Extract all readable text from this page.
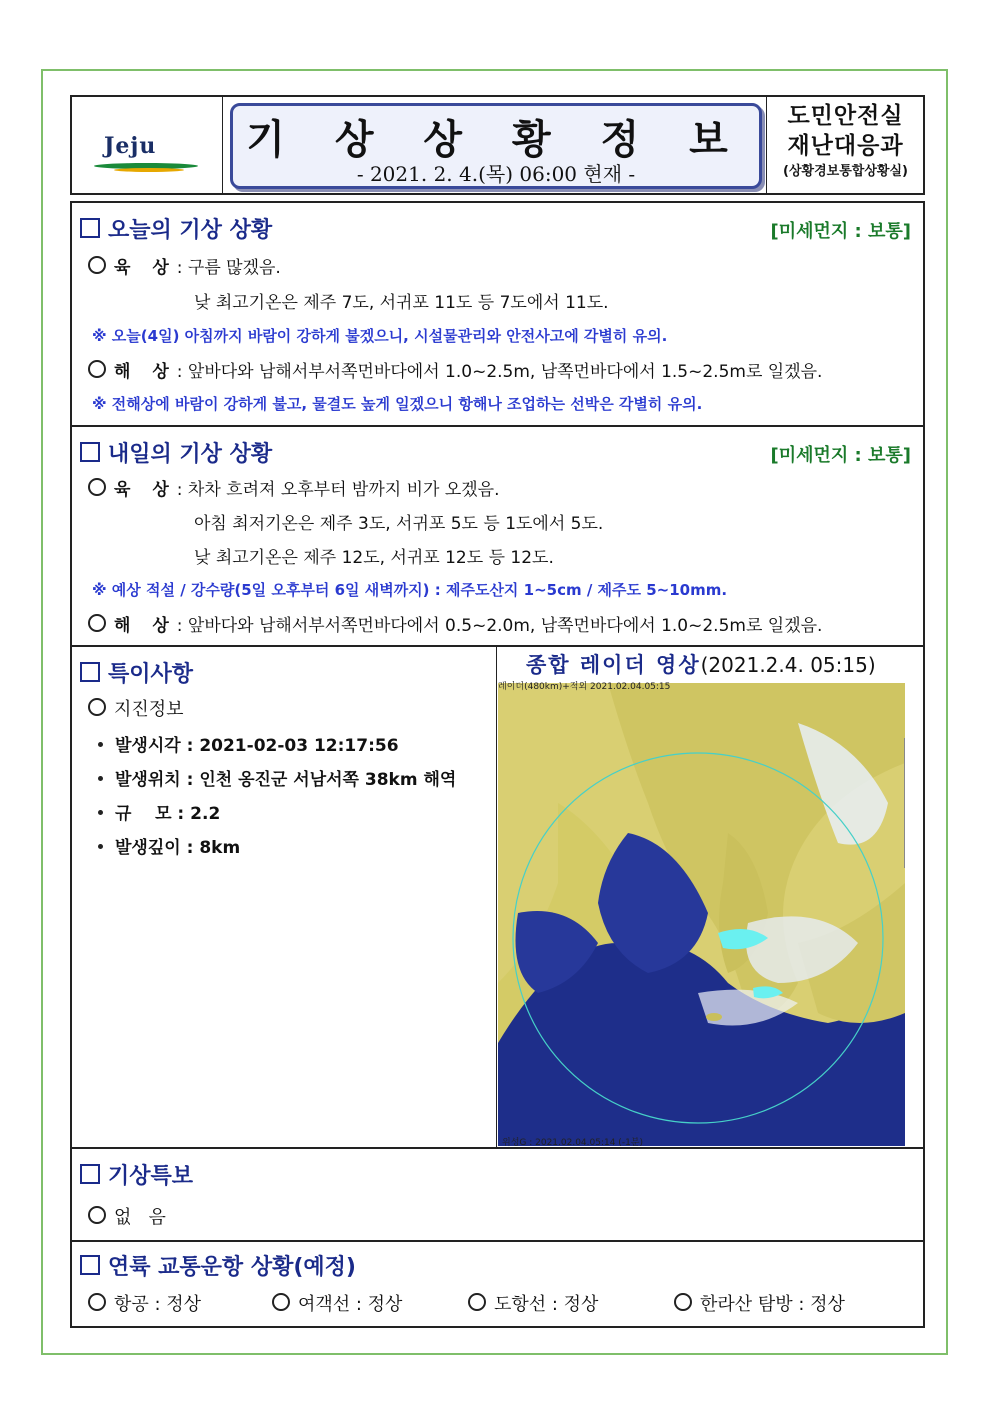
Jeju	기 상 상 황 정 보
- 2021. 2. 4.(목) 06:00 현재 -
도민안전실
재난대응과
(상황경보통합상황실)
오늘의 기상 상황	[미세먼지 : 보통]
육 상: 구름 많겠음.
낮 최고기온은 제주 7도, 서귀포 11도 등 7도에서 11도.
※ 오늘(4일) 아침까지 바람이 강하게 불겠으니, 시설물관리와 안전사고에 각별히 유의.
해 상: 앞바다와 남해서부서쪽먼바다에서 1.0~2.5m, 남쪽먼바다에서 1.5~2.5m로 일겠음.
※ 전해상에 바람이 강하게 불고, 물결도 높게 일겠으니 항해나 조업하는 선박은 각별히 유의.
내일의 기상 상황	[미세먼지 : 보통]
육 상: 차차 흐려져 오후부터 밤까지 비가 오겠음.
아침 최저기온은 제주 3도, 서귀포 5도 등 1도에서 5도.
낮 최고기온은 제주 12도, 서귀포 12도 등 12도.
※ 예상 적설 / 강수량(5일 오후부터 6일 새벽까지) : 제주도산지 1~5cm / 제주도 5~10mm.
해 상: 앞바다와 남해서부서쪽먼바다에서 0.5~2.0m, 남쪽먼바다에서 1.0~2.5m로 일겠음.
특이사항
지진정보
발생시각 : 2021-02-03 12:17:56
발생위치 : 인천 옹진군 서남서쪽 38km 해역
규    모 : 2.2
발생깊이 : 8km
종합 레이더 영상(2021.2.4. 05:15)
레이더(480km)+적외 2021.02.04.05:15
위성G : 2021.02.04.05:14 (-1분)
기상특보
없   음
연륙 교통운항 상황(예정)
항공 : 정상	여객선 : 정상	도항선 : 정상	한라산 탐방 : 정상
